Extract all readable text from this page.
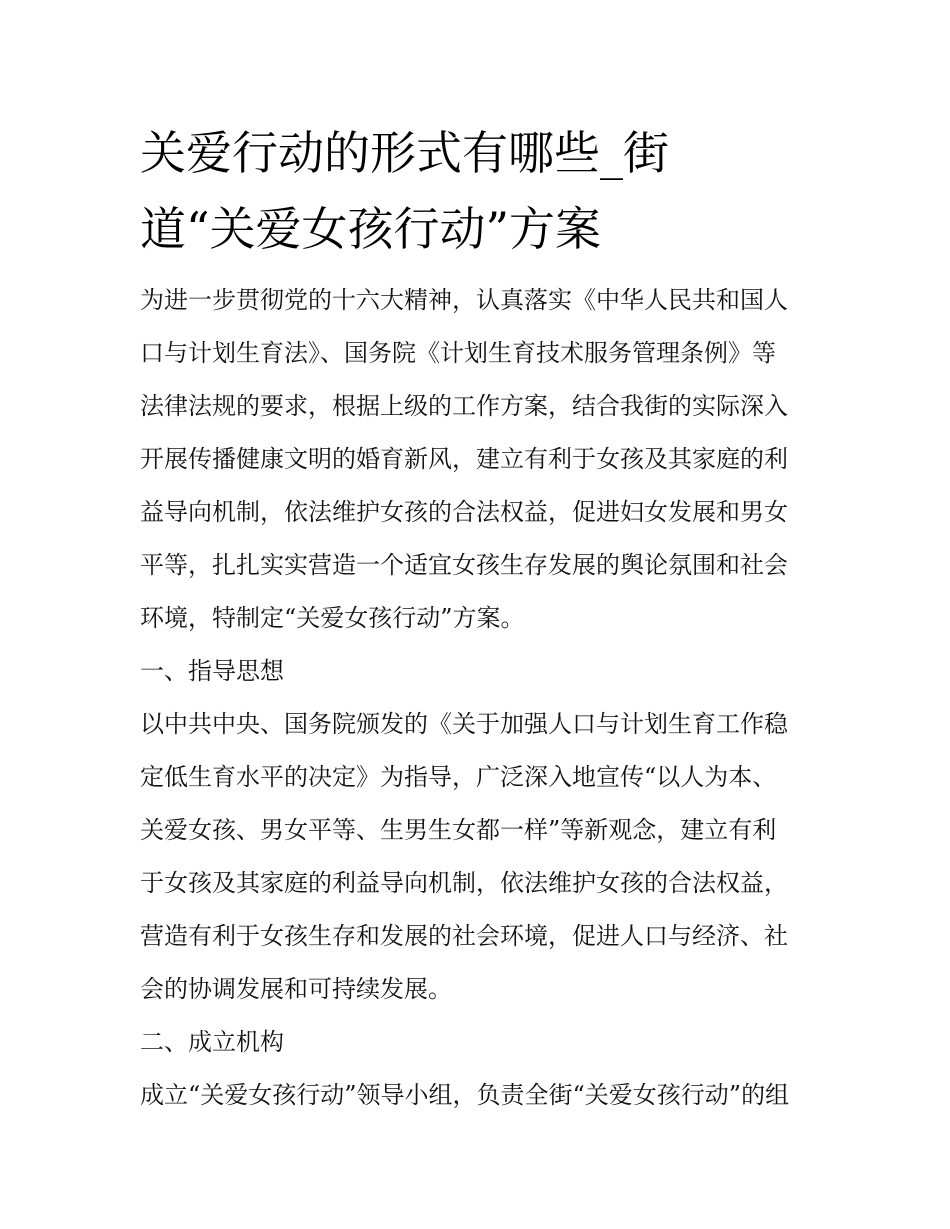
关爱行动的形式有哪些_街
道“关爱女孩行动”方案
为进一步贯彻党的十六大精神，认真落实《中华人民共和国人
口与计划生育法》、国务院《计划生育技术服务管理条例》等
法律法规的要求，根据上级的工作方案，结合我街的实际深入
开展传播健康文明的婚育新风，建立有利于女孩及其家庭的利
益导向机制，依法维护女孩的合法权益，促进妇女发展和男女
平等，扎扎实实营造一个适宜女孩生存发展的舆论氛围和社会
环境，特制定“关爱女孩行动”方案。
一、指导思想
以中共中央、国务院颁发的《关于加强人口与计划生育工作稳
定低生育水平的决定》为指导，广泛深入地宣传“以人为本、
关爱女孩、男女平等、生男生女都一样”等新观念，建立有利
于女孩及其家庭的利益导向机制，依法维护女孩的合法权益，
营造有利于女孩生存和发展的社会环境，促进人口与经济、社
会的协调发展和可持续发展。
二、成立机构
成立“关爱女孩行动”领导小组，负责全街“关爱女孩行动”的组
